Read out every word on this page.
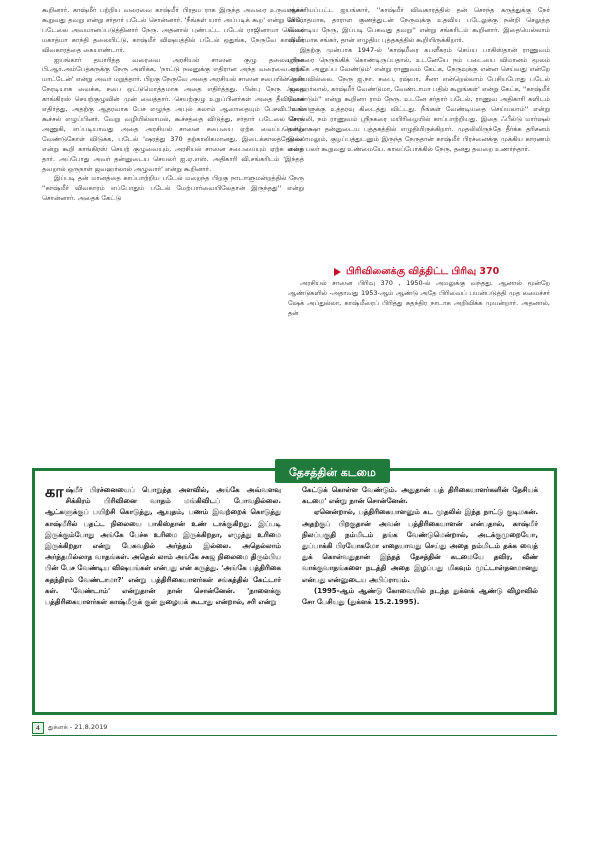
கூறினார். காஷ்மீர் பற்றிய வரைவை காஷ்மீர் பிரதம ராக இருந்த அவரை உருவாக்கக் கூறுவது தவறு என்று சர்தார் படேல் சொன்னார். 'நீங்கள் யார் அப்படிக் கூற' என்று கோட் படேலை அவமானப்படுத்தினார் நேரு. அதனால் புண்பட்ட படேல் ராஜினாமா செய்ய, மகாத்மா காந்தி தலையிட்டு, காஷ்மீர் விஷயத்தில் படேல் ஒதுங்க, நேருவே காஷ்மீர் விவகாரத்தை கையாண்டார்.

ஐயங்கார் தயாரித்த வரைவை அரசியல் சாஸன குழு தலைவரான பி.ஆர்.அம்பேத்கருக்கு நேரு அளிக்க, 'நாட்டு நலனுக்கு எதிரான அந்த வரைவை ஏற்க மாட்டேன்' என்று அவர் மறுத்தார். பிறகு நேருவே அதை அரசியல் சாஸன சபையின் முன் நேரடியாக வைக்க, சபை ஒட்டுமொத்தமாக அதை எதிர்த்தது. பின்பு நேரு அதை காங்கிரஸ் செயற்குழுவின் முன் வைத்தார். செயற்குழு உறுப்பினர்கள் அதை தீவிரமாக எதிர்த்து, அதற்கு ஆதரவாக பேச எழுந்த அபுல் கலாம் ஆஸாதையும் பேசவிடாமல் கூச்சல் எழுப்பினர். வேறு வழியில்லாமல், கூச்சத்தை விடுத்து, சர்தார் படேலை நேரு அணுகி, எப்படியாவது அதை அரசியல் சாஸன சபையை ஏற்க வைப்பதென்று வேண்டுகோள் விடுக்க, படேல் 'ஷரத்து 370 தற்காலிகமானது, இடைக்காலத்தேவை' என்று கூறி காங்கிரஸ் செயற் குழுவையும், அரசியல் சாஸன சபையையும் ஏற்க வைத் தார். அப்போது அவர் தன்னுடைய செயலர் ஐ.ஏ.எஸ். அதிகாரி வி.சங்கரிடம் 'இந்தத் தவறால் ஒருநாள் ஜவஹர்லால் அழுவார்' என்று கூறினார்.

இப்படி தன் மானத்தை காப்பாற்றிய படேல் மறைந்த பிறகு நாடாளுமன்றத்தில் நேரு ''காஷ்மீர் விவகாரம் எப்போதும் படேல் மேற்பார்வையிலேதான் இருந்தது'' என்று சொன்னார். அதைக் கேட்டு

ஆச்சரியப்பட்ட ஐயங்கார், ''காஷ்மீர் விவகாரத்தில் தன் சொந்த கருத்துக்கு நேர் விரோதமாக, தாராள குணத்துடன் நேருவுக்கு உதவிய படேலுக்கு நன்றி செலுத்த வேண்டிய நேரு, இப்படி பேசுவது தவறு'' என்று சங்கரிடம் கூறினார். இதையெல்லாம் விவரமாக சங்கர், தான் எழுதிய புத்தகத்தில் கூறியிருக்கிறார்.

இதற்கு முன்பாக 1947-ல் 'காஷ்மீரை கபளீகரம் செய்ய பாகிஸ்தான் ராணுவம் ஸ்ரீநகரை நெருங்கிக் கொண்டிருப்பதால், உடனேயே நம் படையை விமானம் மூலம் அங்கே அனுப்ப வேண்டும்' என்று ராணுவம் கேட்க, நேருவுக்கு என்ன செய்வது என்றே தெரியவில்லை. நேரு ஐ.நா. சபை, ரஷ்யா, சீனா என்றெல்லாம் பேசியபோது படேல் 'ஜவஹர்லால், காஷ்மீர் வேண்டுமா, வேண்டாமா பதில் கூறுங்கள்' என்று கேட்க, ''காஷ்மீர் வேண்டும்'' என்று கூறினா ராம் நேரு. உடனே சர்தார் படேல், ராணுவ அதிகாரி களிடம் ''உங்களுக்கு உத்தரவு கிடைத்து விட்டது. நீங்கள் வேண்டியதை செய்யலாம்'' என்று சொல்லி, நம் ராணுவம் ஸ்ரீநகரை மயிரிழையில் காப்பாற்றியது. இதை ஃபீல்டு மார்ஷல் மானெக்ஷா தன்னுடைய புத்தகத்தில் எழுதியிருக்கிறார். முதலிலிருந்தே தீர்க்க தரிசனம் இல்லாமலும், குழப்பத்துடனும் இருந்த நேருதான் காஷ்மீர் பிரச்னைக்கு முக்கிய காரணம் என்ற பலர் கூறுவது உண்மையே. காலப்போக்கில் நேரு, தனது தவறை உணர்ந்தார்.

பிரிவினைக்கு வித்திட்ட பிரிவு 370

அரசியல் சாஸன பிரிவு 370 , 1950-ல் அமலுக்கு வந்தது. ஆனால் மூன்றே ஆண்டுகளில் -அதாவது 1953-ஆம் ஆண்டு அதே பிரிவைப் பயன்படுத்தி முத லமைச்சர் ஷேக் அப்துல்லா, காஷ்மீரைப் பிரித்து சுதந்திர நாடாக அறிவிக்க முயன்றார். அதனால், தன்

தேசத்தின் கடமை
காஷ்மீர் பிரச்னையைப் பொறுத்த அளவில், அங்கே அவ்வளவு சிக்கிரம் பிரிவினை வாதம் மங்கிவிடப் போவதில்லை. ஆட்களுக்குப் பயிற்சி கொடுத்து, ஆயுதம், பணம் இவற்றைக் கொடுத்து காஷ்மீரில் பதட்ட நிலையை பாகிஸ்தான் உண் டாக்குகிறது. இப்படி இருக்கும்போது அங்கே பேச்சு உரிமை இருக்கிறதா, எழுத்து உரிமை இருக்கிறதா என்று பேசுவதில் அர்த்தம் இல்லை. அதெல்லாம் அர்த்தமில்லாத வாதங்கள். அதெல் லாம் அங்கே சகஜ நிலைமை திரும்பிய பின் பேச வேண்டிய விஷயங்கள் என்பது என் கருத்து. 'அங்கே பத்திரிகை சுதந்திரம் வேண்டாமா?' என்று பத்திரிகையாளர்கள் சங்கத்தில் கேட்டார் கள். 'வேண்டாம்' என்றுதான் நான் சொன்னேன். 'நாளைக்கு பத்திரிகையாளர்கள் காஷ்மீருக் குள் நுழையக் கூடாது என்றால், சரி என்று

கேட்டுக் கொள்ள வேண்டும். அதுதான் பத் திரிகையாளர்களின் தேசியக் கடமை' என்று நான் சொன்னேன்.

ஏனென்றால், பத்திரிகையாளனும் கட முதலில் இந்த நாட்டு குடிமகன். அதற்குப் பிறகுதான் அவன் பத்திரிகையாளன் என்பதால், காஷ்மீர் நிலப்பகுதி நம்மிடம் தங்க வேண்டுமென்றால், அடக்குமுறையோ, துப்பாக்கி பிரயோகமோ எதையாவது செய்து அதை நம்மிடம் தக்க வைத் துக் கொள்வதுதான் இந்தத் தேசத்தின் கடமையே தவிர, வீண் வாக்குவாதங்களை நடத்தி அதை இழப்பது மிகவும் முட்டாள்தனமானது என்பது என்னுடைய அபிப்ராயம்.

(1995-ஆம் ஆண்டு கோவையில் நடந்த துக்ளக் ஆண்டு விழாவில் சோ பேசியது (துக்ளக் 15.2.1995).

4	துக்ளக் - 21.8.2019
